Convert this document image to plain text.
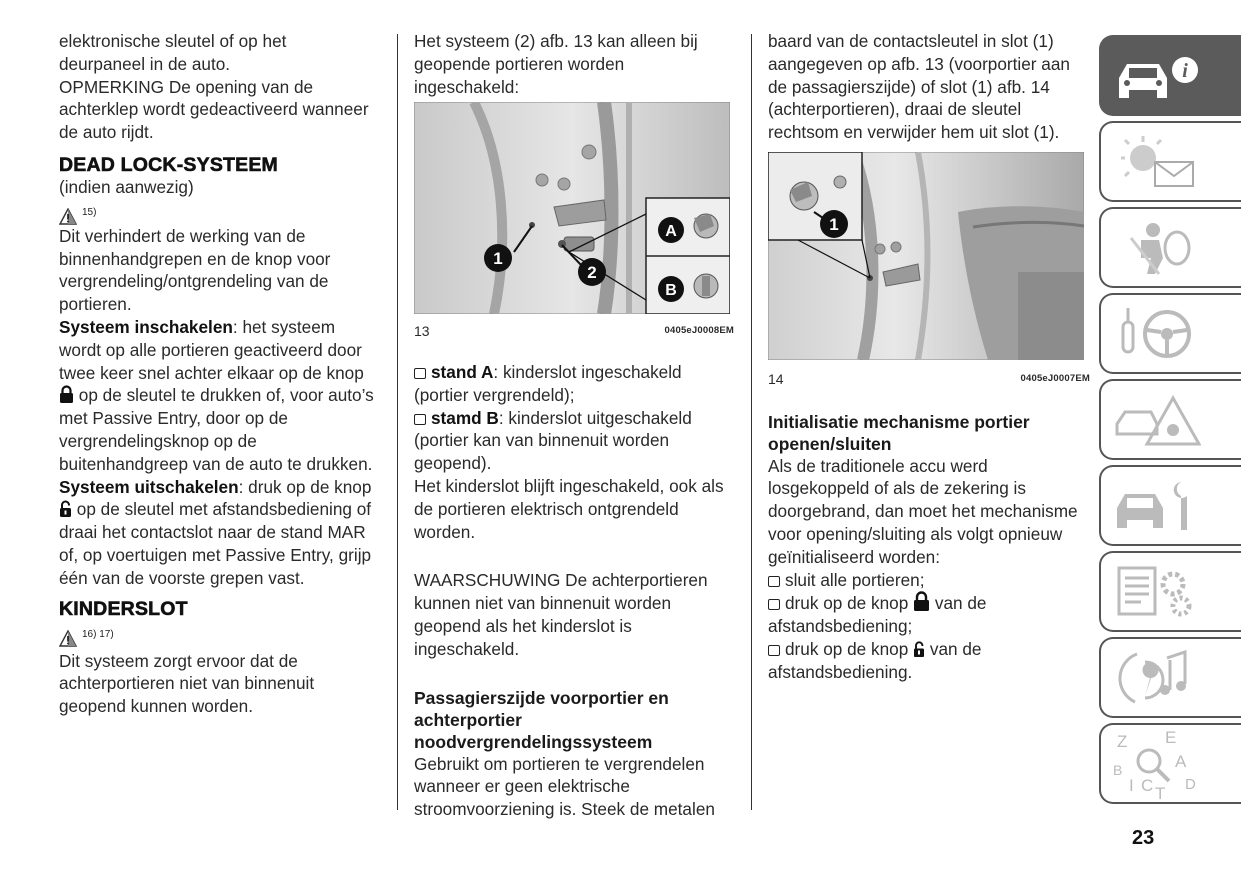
elektronische sleutel of op het deurpaneel in de auto.

OPMERKING De opening van de achterklep wordt gedeactiveerd wanneer de auto rijdt.

DEAD LOCK-SYSTEEM

(indien aanwezig)

15)

Dit verhindert de werking van de binnenhandgrepen en de knop voor vergrendeling/ontgrendeling van de portieren.

Systeem inschakelen: het systeem wordt op alle portieren geactiveerd door twee keer snel achter elkaar op de knop  op de sleutel te drukken of, voor auto’s met Passive Entry, door op de vergrendelingsknop op de buitenhandgreep van de auto te drukken.

Systeem uitschakelen: druk op de knop  op de sleutel met afstandsbediening of draai het contactslot naar de stand MAR of, op voertuigen met Passive Entry, grijp één van de voorste grepen vast.

KINDERSLOT
16) 17)

Dit systeem zorgt ervoor dat de achterportieren niet van binnenuit geopend kunnen worden.

Het systeem (2) afb. 13 kan alleen bij geopende portieren worden ingeschakeld:

1
2
A
B
13	0405eJ0008EM

stand A: kinderslot ingeschakeld (portier vergrendeld);

stamd B: kinderslot uitgeschakeld (portier kan van binnenuit worden geopend).

Het kinderslot blijft ingeschakeld, ook als de portieren elektrisch ontgrendeld worden.

WAARSCHUWING De achterportieren kunnen niet van binnenuit worden geopend als het kinderslot is ingeschakeld.

Passagierszijde voorportier en achterportier noodvergrendelingssysteem

Gebruikt om portieren te vergrendelen wanneer er geen elektrische stroomvoorziening is. Steek de metalen

baard van de contactsleutel in slot (1) aangegeven op afb. 13 (voorportier aan de passagierszijde) of slot (1) afb. 14 (achterportieren), draai de sleutel rechtsom en verwijder hem uit slot (1).

1
14	0405eJ0007EM
Initialisatie mechanisme portier openen/sluiten

Als de traditionele accu werd losgekoppeld of als de zekering is doorgebrand, dan moet het mechanisme voor opening/sluiting als volgt opnieuw geïnitialiseerd worden:

sluit alle portieren;

druk op de knop van de afstandsbediening;

druk op de knop van de afstandsbediening.

i
Z E
A
B
D
I C T
23
